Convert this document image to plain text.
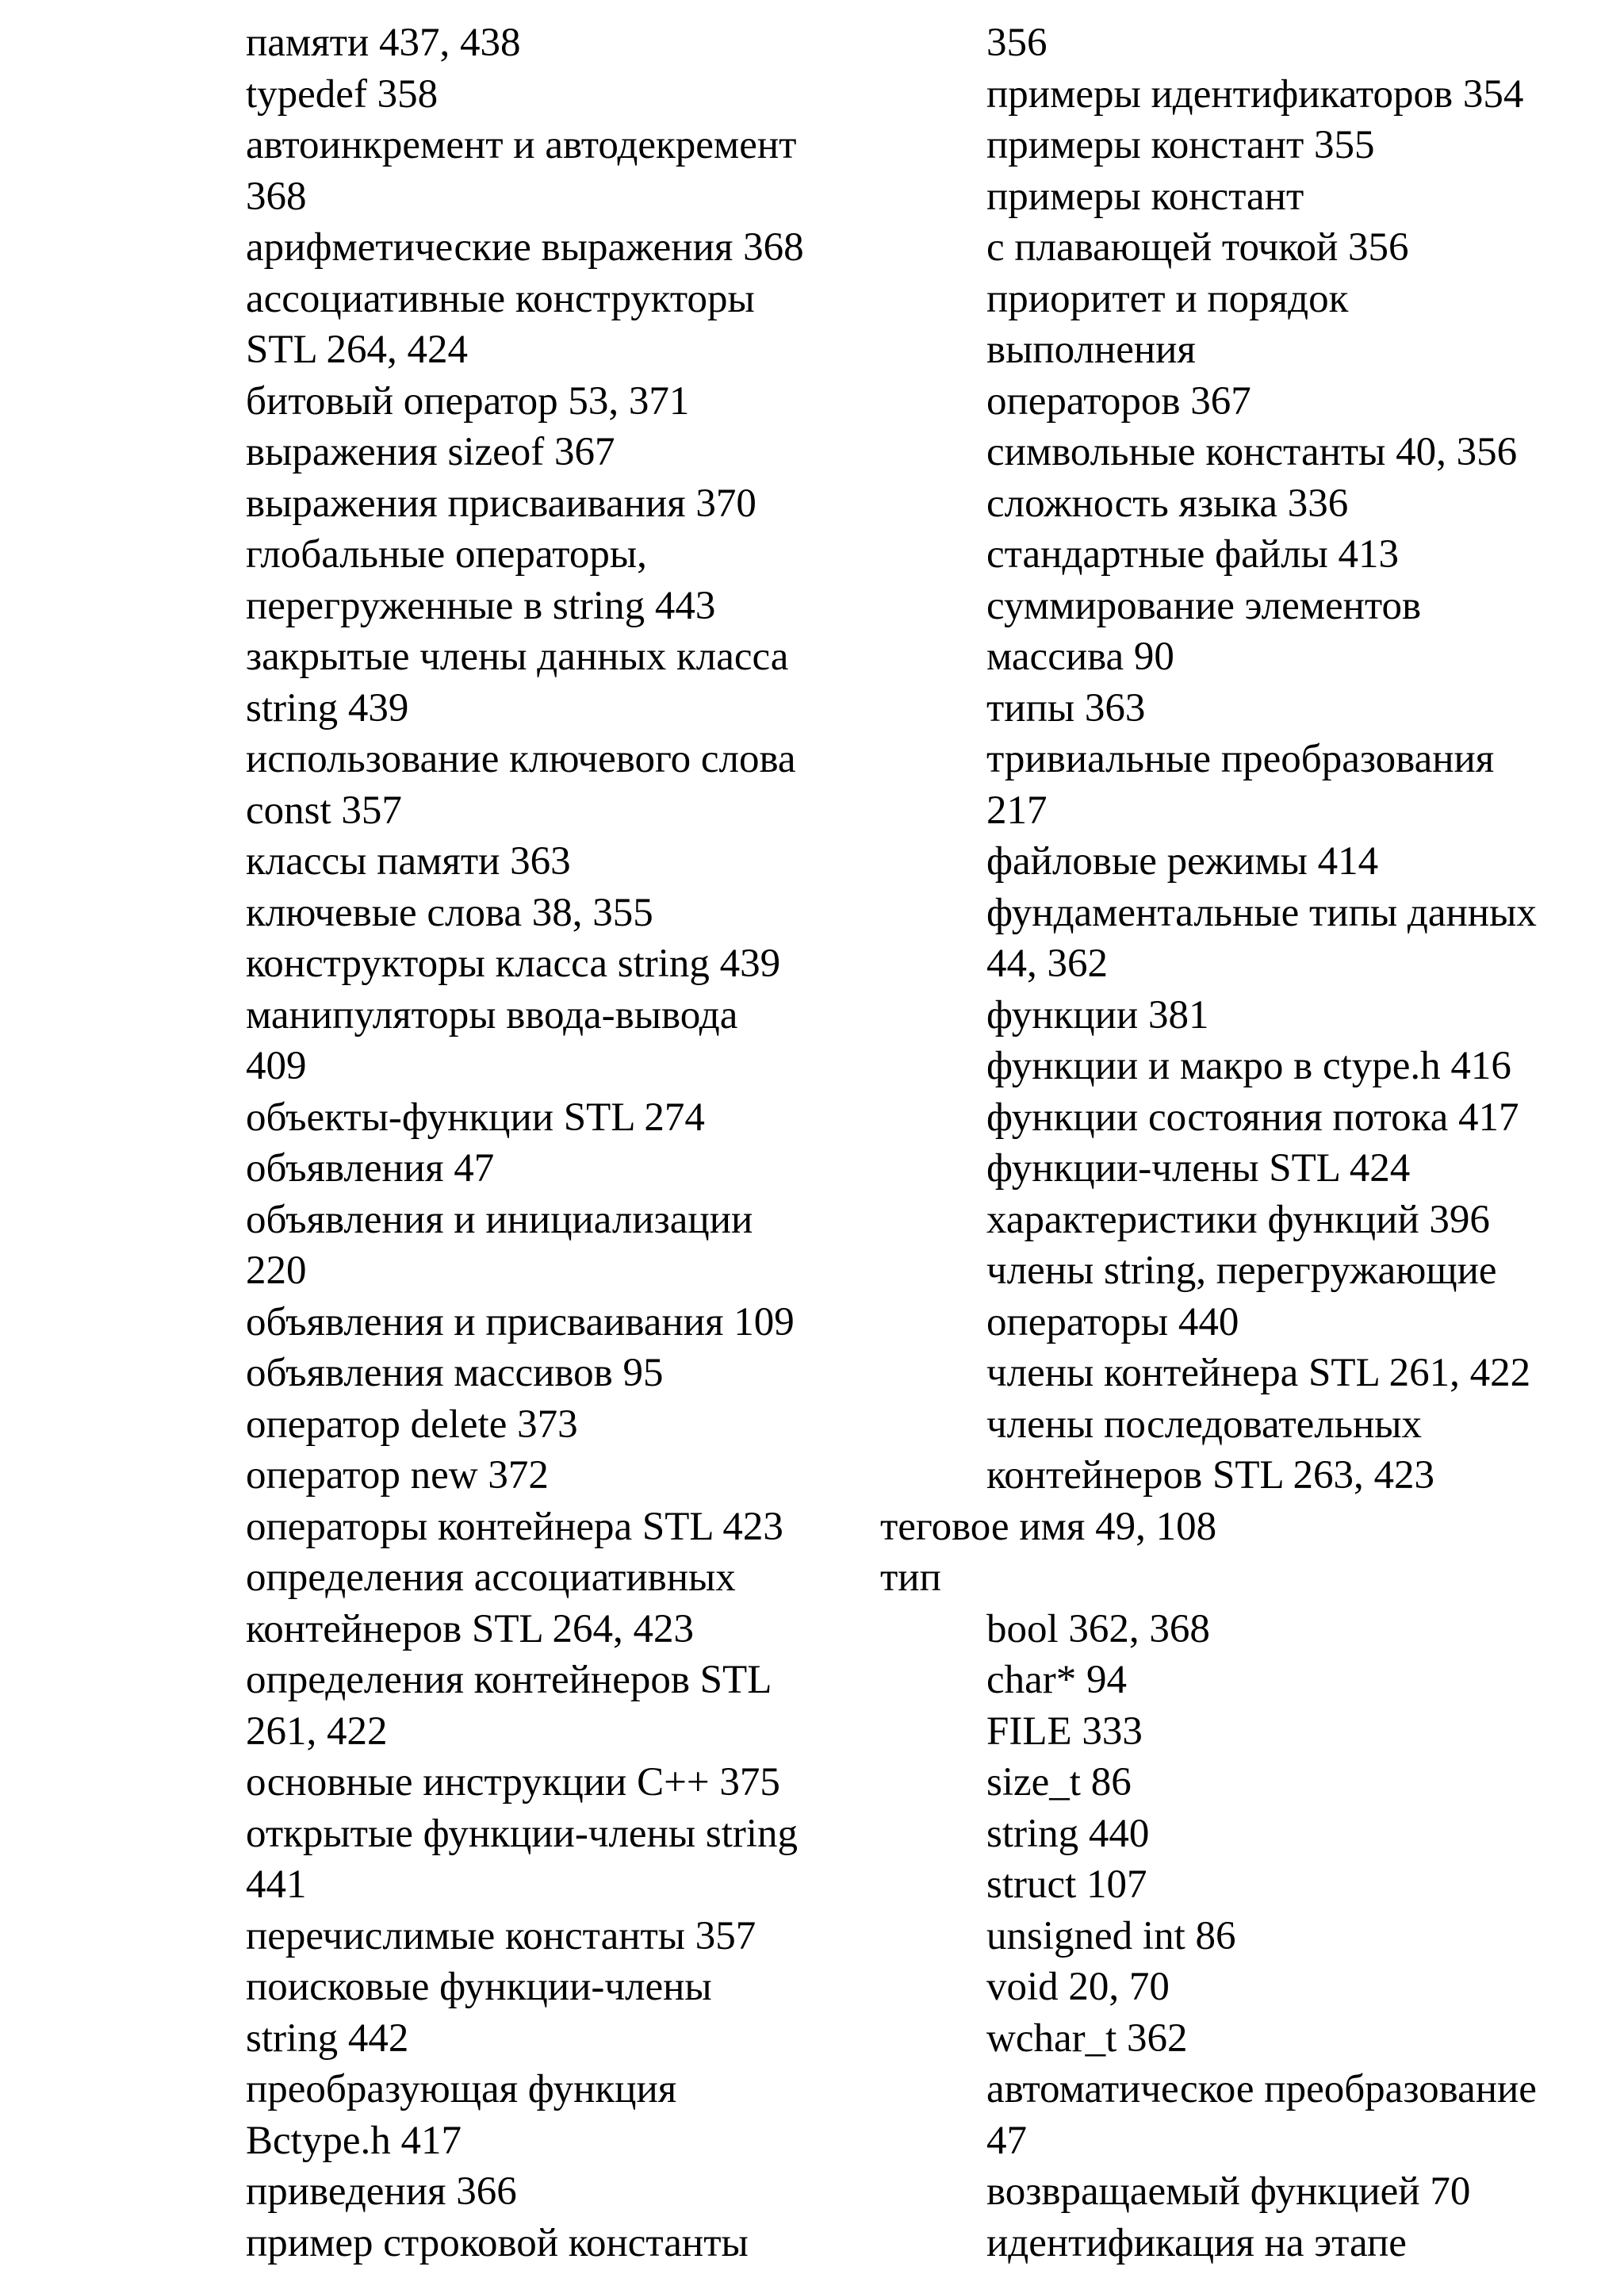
памяти 437, 438
typedef 358
автоинкремент и автодекремент
368
арифметические выражения 368
ассоциативные конструкторы
STL 264, 424
битовый оператор 53, 371
выражения sizeof 367
выражения присваивания 370
глобальные операторы,
перегруженные в string 443
закрытые члены данных класса
string 439
использование ключевого слова
const 357
классы памяти 363
ключевые слова 38, 355
конструкторы класса string 439
манипуляторы ввода-вывода
409
объекты-функции STL 274
объявления 47
объявления и инициализации
220
объявления и присваивания 109
объявления массивов 95
оператор delete 373
оператор new 372
операторы контейнера STL 423
определения ассоциативных
контейнеров STL 264, 423
определения контейнеров STL
261, 422
основные инструкции C++ 375
открытые функции-члены string
441
перечислимые константы 357
поисковые функции-члены
string 442
преобразующая функция
Bctype.h 417
приведения 366
пример строковой константы
356
примеры идентификаторов 354
примеры констант 355
примеры констант
с плавающей точкой 356
приоритет и порядок
выполнения
операторов 367
символьные константы 40, 356
сложность языка 336
стандартные файлы 413
суммирование элементов
массива 90
типы 363
тривиальные преобразования
217
файловые режимы 414
фундаментальные типы данных
44, 362
функции 381
функции и макро в ctype.h 416
функции состояния потока 417
функции-члены STL 424
характеристики функций 396
члены string, перегружающие
операторы 440
члены контейнера STL 261, 422
члены последовательных
контейнеров STL 263, 423
теговое имя 49, 108
тип
bool 362, 368
char* 94
FILE 333
size_t 86
string 440
struct 107
unsigned int 86
void 20, 70
wchar_t 362
автоматическое преобразование
47
возвращаемый функцией 70
идентификация на этапе
